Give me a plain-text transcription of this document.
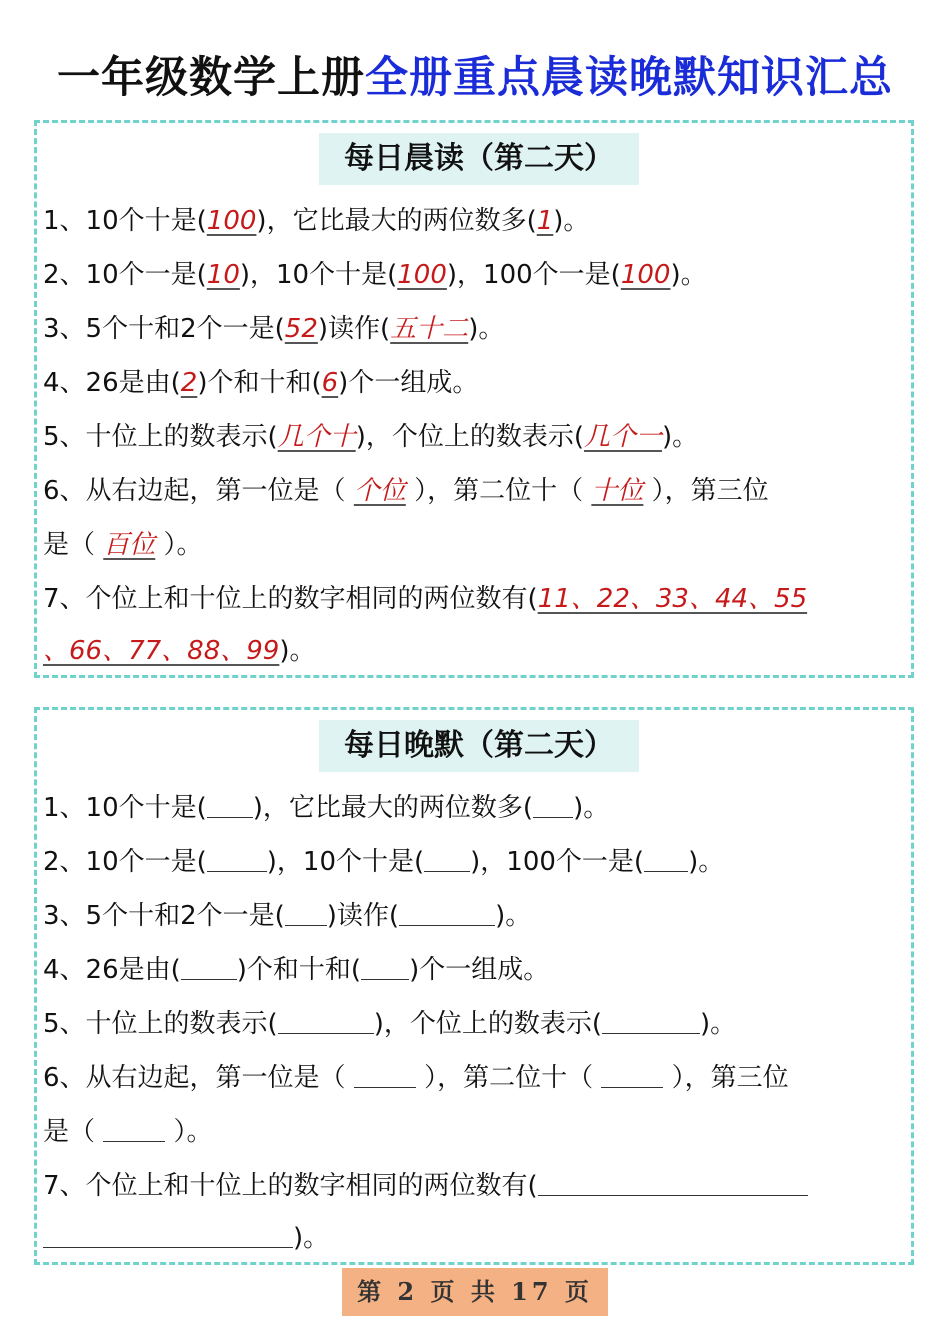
一年级数学上册全册重点晨读晚默知识汇总
每日晨读（第二天）
1、10个十是(100)，它比最大的两位数多(1)。
2、10个一是(10)，10个十是(100)，100个一是(100)。
3、5个十和2个一是(52)读作(五十二)。
4、26是由(2)个和十和(6)个一组成。
5、十位上的数表示(几个十)，个位上的数表示(几个一)。
6、从右边起，第一位是（ 个位 ），第二位十（ 十位 ），第三位
是（ 百位 ）。
7、个位上和十位上的数字相同的两位数有(11、22、33、44、55
、66、77、88、99)。
每日晚默（第二天）
1、10个十是( )，它比最大的两位数多( )。
2、10个一是( )，10个十是( )，100个一是( )。
3、5个十和2个一是( )读作(	)。
4、26是由( )个和十和( )个一组成。
5、十位上的数表示(	)，个位上的数表示(	)。
6、从右边起，第一位是（  ），第二位十（  ），第三位
是（  ）。
7、个位上和十位上的数字相同的两位数有(
)。
第 2 页 共 17 页
